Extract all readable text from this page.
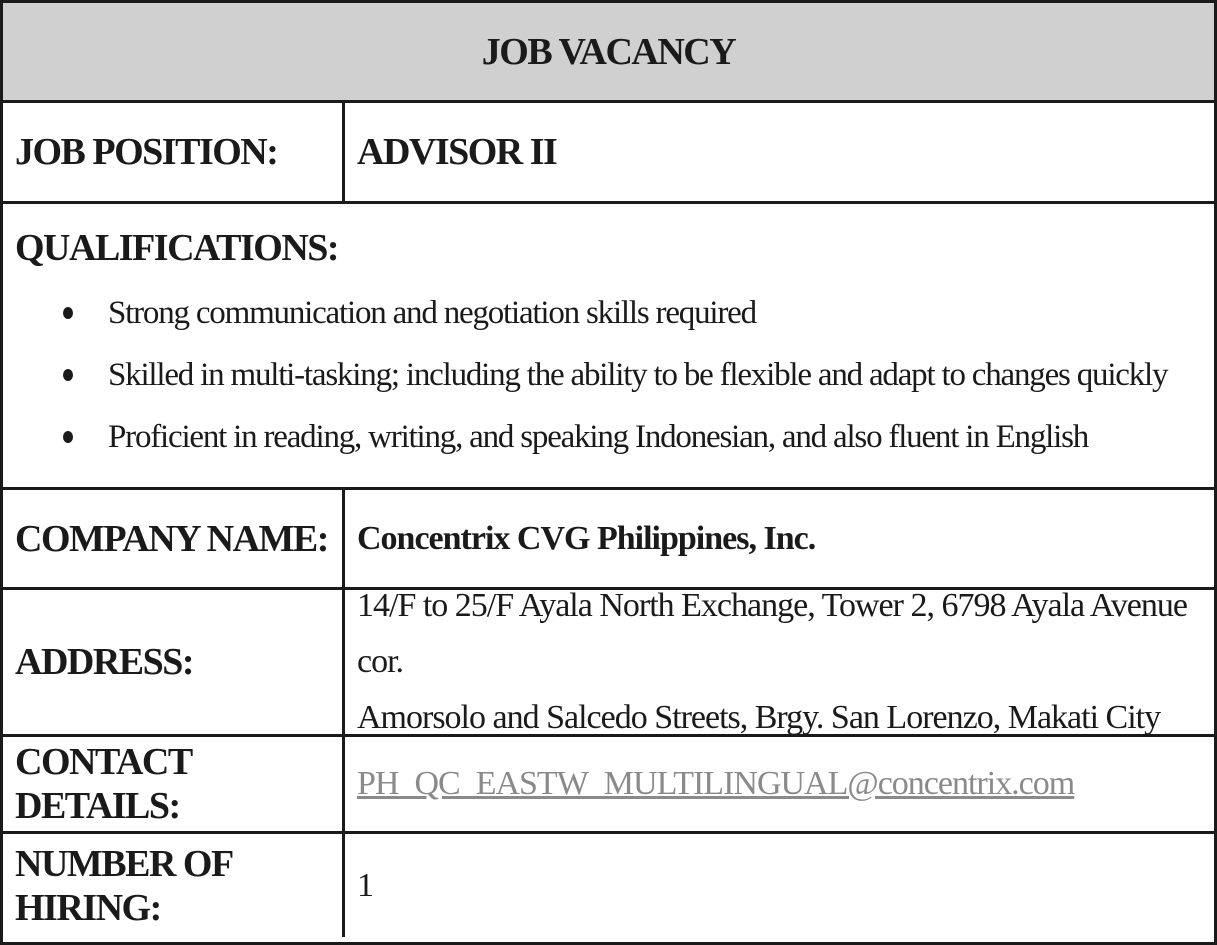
JOB VACANCY
JOB POSITION:	ADVISOR II
QUALIFICATIONS:
Strong communication and negotiation skills required
Skilled in multi-tasking; including the ability to be flexible and adapt to changes quickly
Proficient in reading, writing, and speaking Indonesian, and also fluent in English
COMPANY NAME: Concentrix CVG Philippines, Inc.
ADDRESS:
14/F to 25/F Ayala North Exchange, Tower 2, 6798 Ayala Avenue cor.
Amorsolo and Salcedo Streets, Brgy. San Lorenzo, Makati City
CONTACT DETAILS:
PH_QC_EASTW_MULTILINGUAL@concentrix.com
NUMBER OF HIRING:
1
